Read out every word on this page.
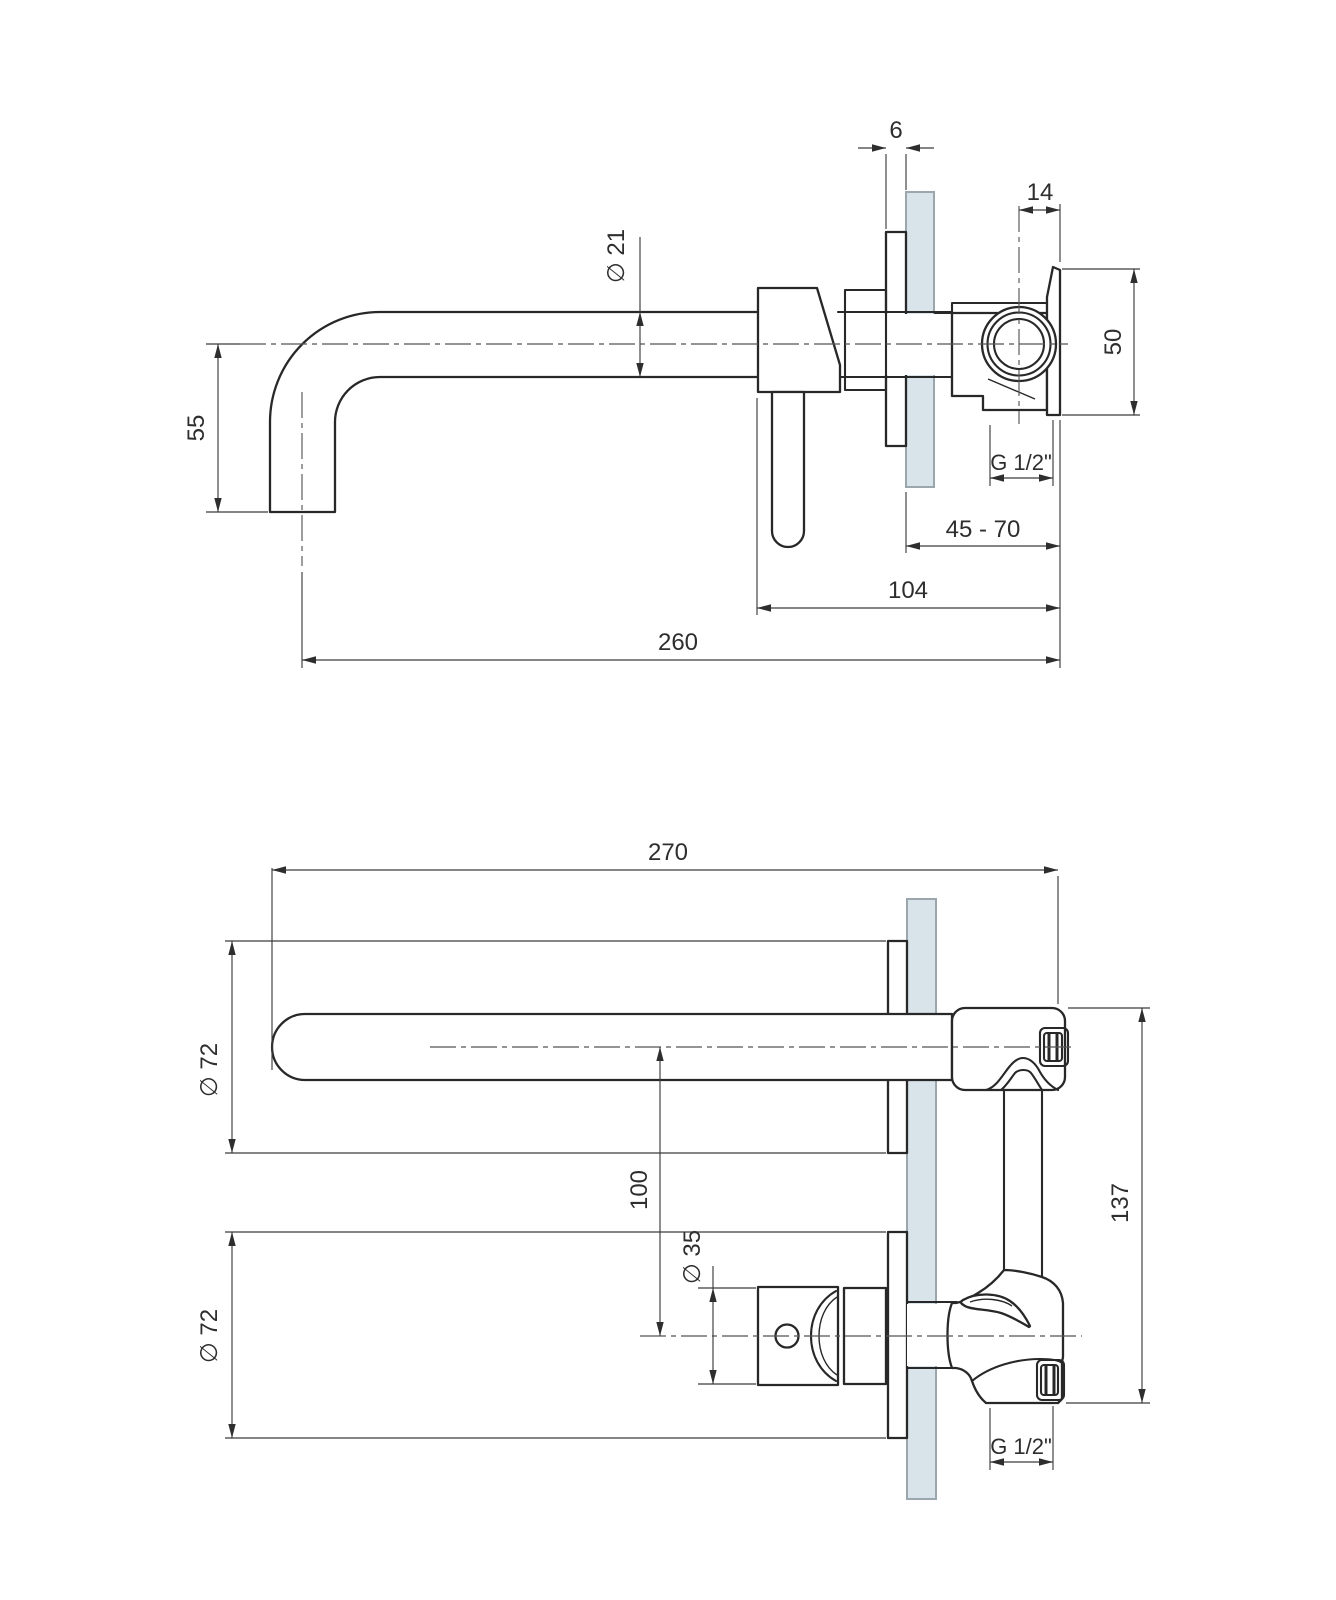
6
14
∅ 21
50
55
G 1/2"
45 - 70
104
260
270
∅ 72
100
∅ 35
∅ 72
137
G 1/2"
